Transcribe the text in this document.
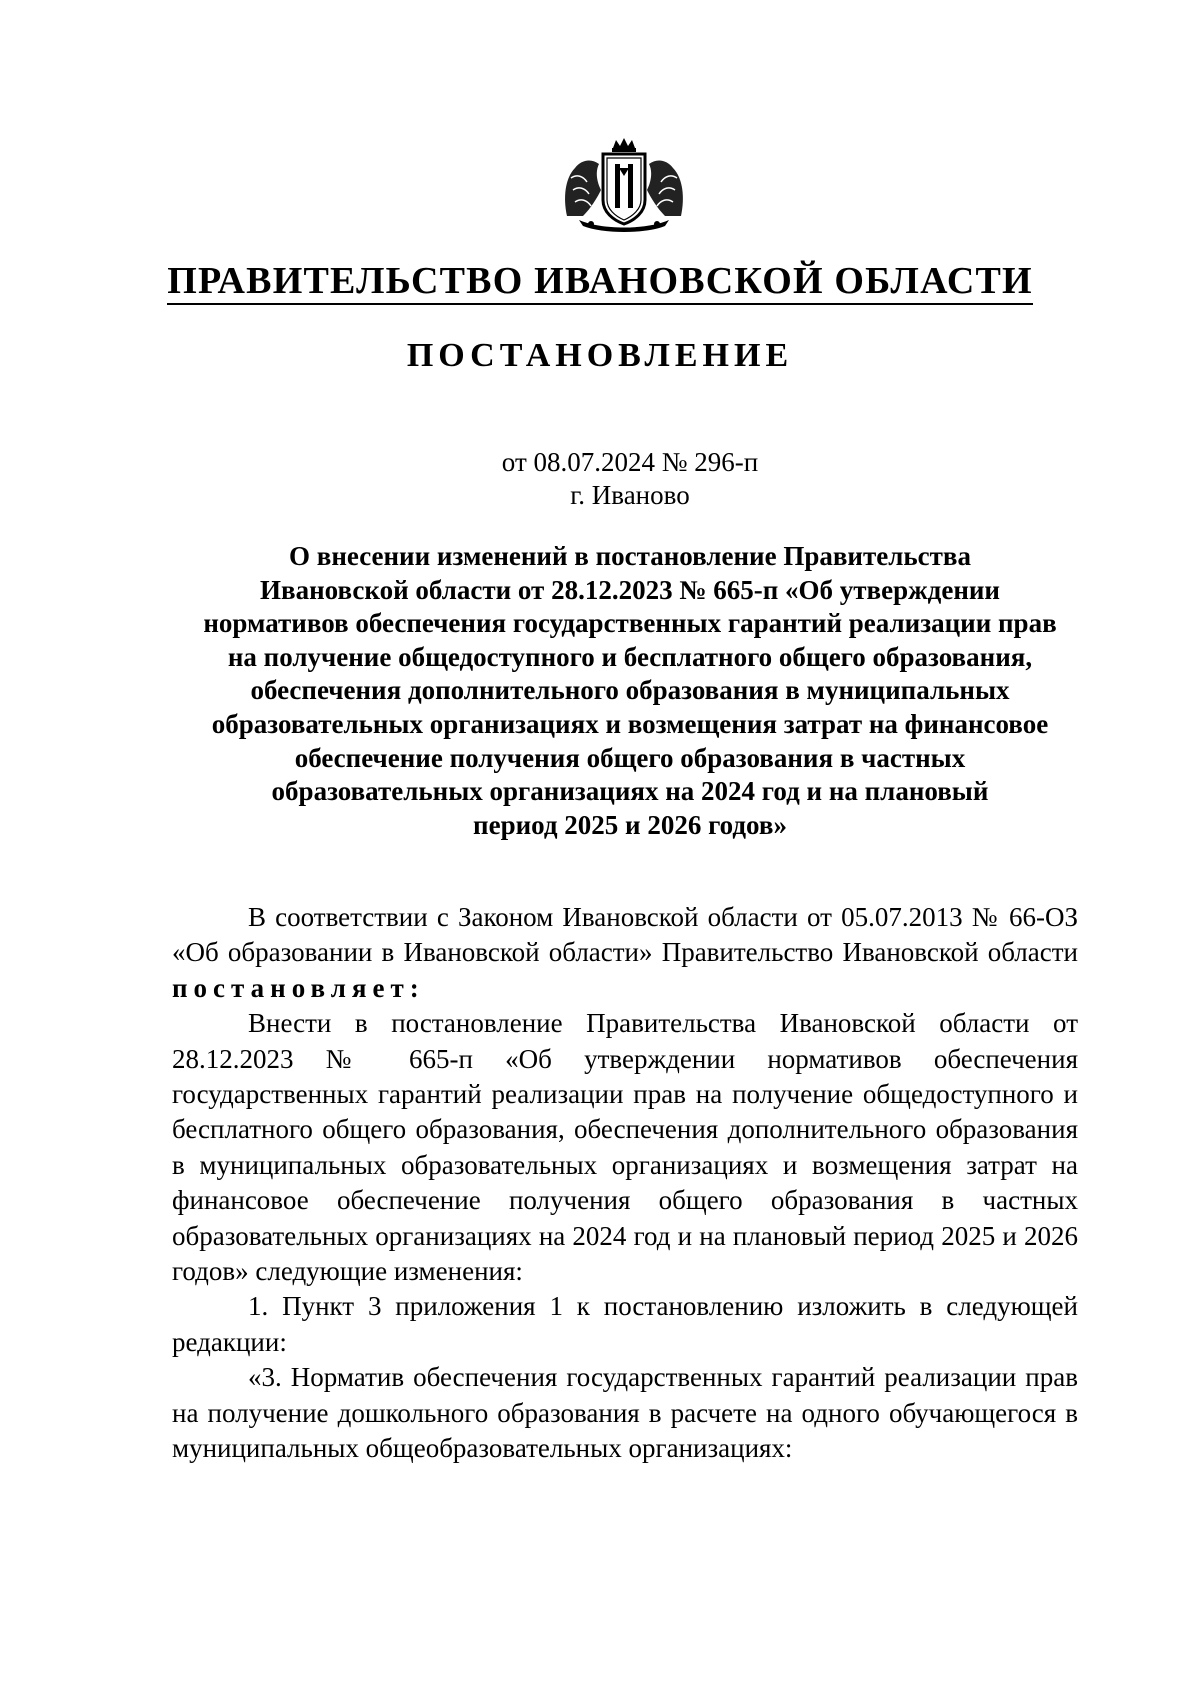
ПРАВИТЕЛЬСТВО ИВАНОВСКОЙ ОБЛАСТИ
ПОСТАНОВЛЕНИЕ
от 08.07.2024 № 296-п
г. Иваново
О внесении изменений в постановление Правительства
Ивановской области от 28.12.2023 № 665-п «Об утверждении
нормативов обеспечения государственных гарантий реализации прав
на получение общедоступного и бесплатного общего образования,
обеспечения дополнительного образования в муниципальных
образовательных организациях и возмещения затрат на финансовое
обеспечение получения общего образования в частных
образовательных организациях на 2024 год и на плановый
период 2025 и 2026 годов»

В соответствии с Законом Ивановской области от 05.07.2013 № 66-ОЗ «Об образовании в Ивановской области» Правительство Ивановской области постановляет:

Внести в постановление Правительства Ивановской области от 28.12.2023 № 665-п «Об утверждении нормативов обеспечения государственных гарантий реализации прав на получение общедоступного и бесплатного общего образования, обеспечения дополнительного образования в муниципальных образовательных организациях и возмещения затрат на финансовое обеспечение получения общего образования в частных образовательных организациях на 2024 год и на плановый период 2025 и 2026 годов» следующие изменения:

1. Пункт 3 приложения 1 к постановлению изложить в следующей редакции:

«3. Норматив обеспечения государственных гарантий реализации прав на получение дошкольного образования в расчете на одного обучающегося в муниципальных общеобразовательных организациях:
